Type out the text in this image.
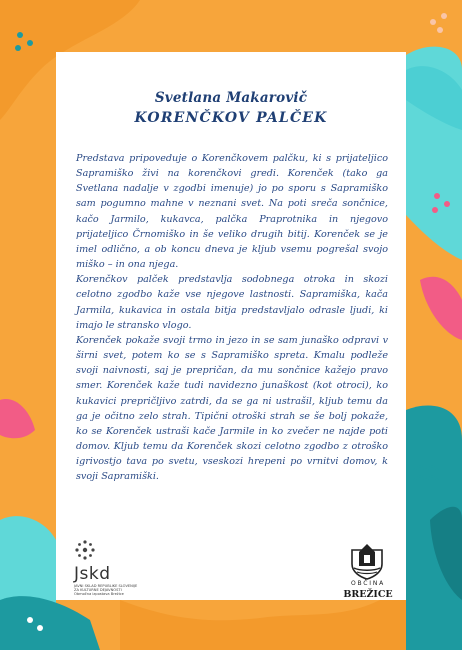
Svetlana Makarovič
KORENČKOV PALČEK

Predstava pripoveduje o Korenčkovem palčku, ki s prijateljico Sapramiško živi na korenčkovi gredi. Korenček (tako ga Svetlana nadalje v zgodbi imenuje) jo po sporu s Sapramiško sam pogumno mahne v neznani svet. Na poti sreča sončnice, kačo Jarmilo, kukavca, palčka Praprotnika in njegovo prijateljico Črnomiško in še veliko drugih bitij. Korenček se je imel odlično, a ob koncu dneva je kljub vsemu pogrešal svojo miško – in ona njega.

Korenčkov palček predstavlja sodobnega otroka in skozi celotno zgodbo kaže vse njegove lastnosti. Sapramiška, kača Jarmila, kukavica in ostala bitja predstavljalo odrasle ljudi, ki imajo le stransko vlogo.

Korenček pokaže svoji trmo in jezo in se sam junaško odpravi v širni svet, potem ko se s Sapramiško spreta. Kmalu podleže svoji naivnosti, saj je prepričan, da mu sončnice kažejo pravo smer. Korenček kaže tudi navidezno junaškost (kot otroci), ko kukavici prepričljivo zatrdi, da se ga ni ustrašil, kljub temu da ga je očitno zelo strah. Tipični otroški strah se še bolj pokaže, ko se Korenček ustraši kače Jarmile in ko zvečer ne najde poti domov. Kljub temu da Korenček skozi celotno zgodbo z otroško igrivostjo tava po svetu, vseskozi hrepeni po vrnitvi domov, k svoji Sapramiški.

Jskd
JAVNI SKLAD REPUBLIKE SLOVENIJE
ZA KULTURNE DEJAVNOSTI
Območna izpostava Brežice
OBČINA
BREŽICE
